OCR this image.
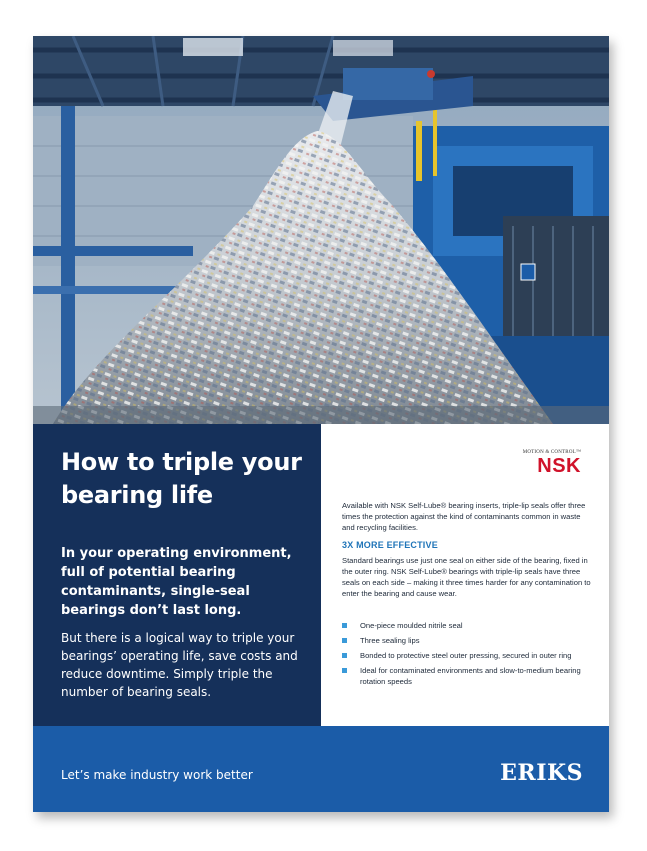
How to triple your bearing life

In your operating environment, full of potential bearing contaminants, single-seal bearings don’t last long.

But there is a logical way to triple your bearings’ operating life, save costs and reduce downtime. Simply triple the number of bearing seals.

MOTION & CONTROL™
NSK

Available with NSK Self-Lube® bearing inserts, triple-lip seals offer three times the protection against the kind of contaminants common in waste and recycling facilities.

3X MORE EFFECTIVE

Standard bearings use just one seal on either side of the bearing, fixed in the outer ring. NSK Self-Lube® bearings with triple-lip seals have three seals on each side – making it three times harder for any contamination to enter the bearing and cause wear.

One-piece moulded nitrile seal
Three sealing lips
Bonded to protective steel outer pressing, secured in outer ring
Ideal for contaminated environments and slow-to-medium bearing rotation speeds

Let’s make industry work better	ERIKS
